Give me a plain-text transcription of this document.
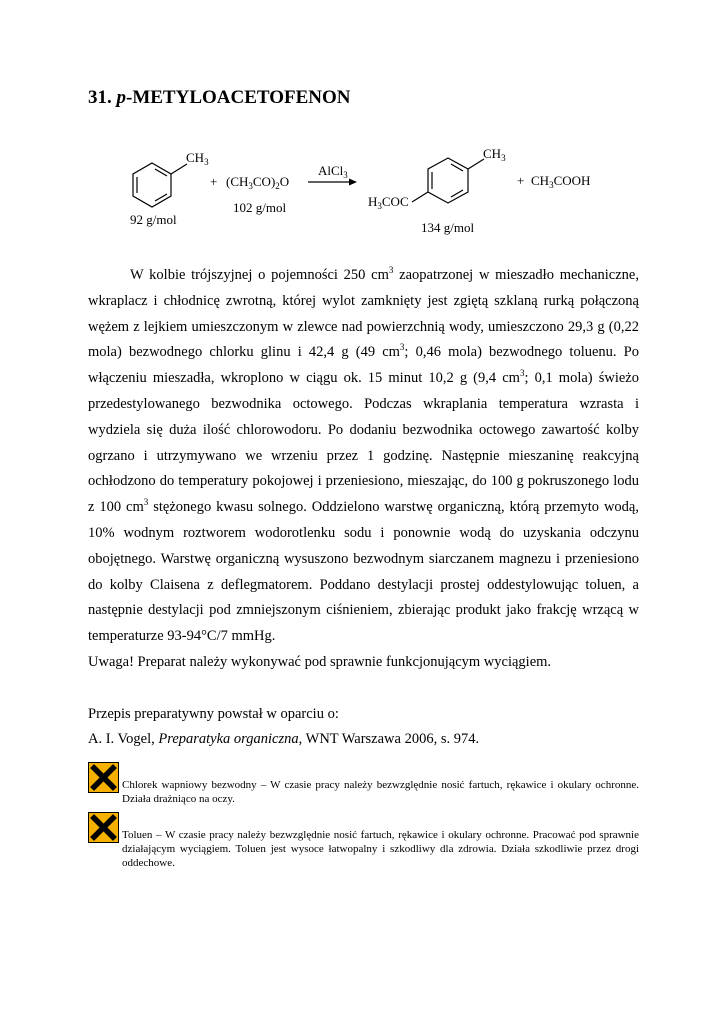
31. p-METYLOACETOFENON
$CH_3$
92 g/mol
+ $(CH_3CO)_2O$
102 g/mol
AlCl$_3$
$CH_3$
$H_3COC$
134 g/mol
+ $CH_3COOH$

W kolbie trójszyjnej o pojemności 250 $cm^3$ zaopatrzonej w mieszadło mechaniczne, wkraplacz i chłodnicę zwrotną, której wylot zamknięty jest zgiętą szklaną rurką połączoną wężem z lejkiem umieszczonym w zlewce nad powierzchnią wody, umieszczono 29,3 g (0,22 mola) bezwodnego chlorku glinu i 42,4 g (49 $cm^3$; 0,46 mola) bezwodnego toluenu. Po włączeniu mieszadła, wkroplono w ciągu ok. 15 minut 10,2 g (9,4 $cm^3$; 0,1 mola) świeżo przedestylowanego bezwodnika octowego. Podczas wkraplania temperatura wzrasta i wydziela się duża ilość chlorowodoru. Po dodaniu bezwodnika octowego zawartość kolby ogrzano i utrzymywano we wrzeniu przez 1 godzinę. Następnie mieszaninę reakcyjną ochłodzono do temperatury pokojowej i przeniesiono, mieszając, do 100 g pokruszonego lodu z 100 $cm^3$ stężonego kwasu solnego. Oddzielono warstwę organiczną, którą przemyto wodą, 10% wodnym roztworem wodorotlenku sodu i ponownie wodą do uzyskania odczynu obojętnego. Warstwę organiczną wysuszono bezwodnym siarczanem magnezu i przeniesiono do kolby Claisena z deflegmatorem. Poddano destylacji prostej oddestylowując toluen, a następnie destylacji pod zmniejszonym ciśnieniem, zbierając produkt jako frakcję wrzącą w temperaturze 93-94°C/7 mmHg.

Uwaga! Preparat należy wykonywać pod sprawnie funkcjonującym wyciągiem.

Przepis preparatywny powstał w oparciu o:

A. I. Vogel, Preparatyka organiczna, WNT Warszawa 2006, s. 974.

Chlorek wapniowy bezwodny – W czasie pracy należy bezwzględnie nosić fartuch, rękawice i okulary ochronne. Działa drażniąco na oczy.
Toluen – W czasie pracy należy bezwzględnie nosić fartuch, rękawice i okulary ochronne. Pracować pod sprawnie działającym wyciągiem. Toluen jest wysoce łatwopalny i szkodliwy dla zdrowia. Działa szkodliwie przez drogi oddechowe.
